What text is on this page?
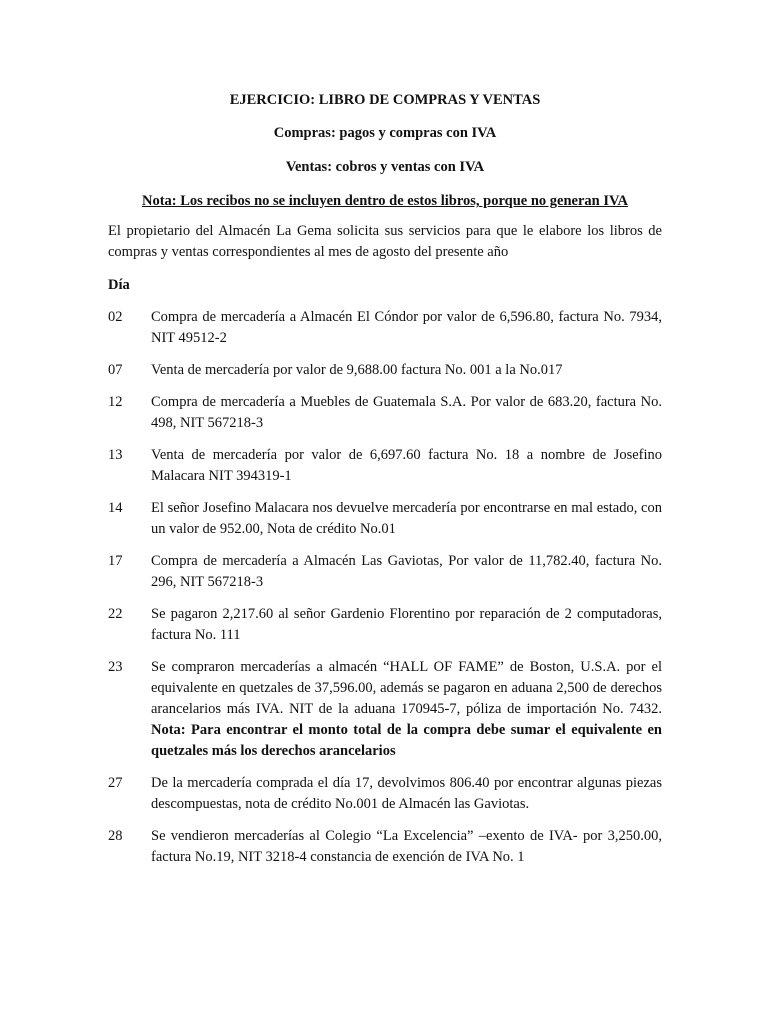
EJERCICIO: LIBRO DE COMPRAS Y VENTAS
Compras: pagos y compras con IVA
Ventas: cobros y ventas con IVA
Nota: Los recibos no se incluyen dentro de estos libros, porque no generan IVA

El propietario del Almacén La Gema solicita sus servicios para que le elabore los libros de compras y ventas correspondientes al mes de agosto del presente año

Día
02	Compra de mercadería a Almacén El Cóndor por valor de 6,596.80, factura No. 7934, NIT 49512-2
07	Venta de mercadería por valor de 9,688.00 factura No. 001 a la No.017
12	Compra de mercadería a Muebles de Guatemala S.A. Por valor de 683.20, factura No. 498, NIT 567218-3
13	Venta de mercadería por valor de 6,697.60 factura No. 18 a nombre de Josefino Malacara NIT 394319-1
14	El señor Josefino Malacara nos devuelve mercadería por encontrarse en mal estado, con un valor de 952.00, Nota de crédito No.01
17	Compra de mercadería a Almacén Las Gaviotas, Por valor de 11,782.40, factura No. 296, NIT 567218-3
22	Se pagaron 2,217.60 al señor Gardenio Florentino por reparación de 2 computadoras, factura No. 111
23	Se compraron mercaderías a almacén “HALL OF FAME” de Boston, U.S.A. por el equivalente en quetzales de 37,596.00, además se pagaron en aduana 2,500 de derechos arancelarios más IVA. NIT de la aduana 170945-7, póliza de importación No. 7432. Nota: Para encontrar el monto total de la compra debe sumar el equivalente en quetzales más los derechos arancelarios
27	De la mercadería comprada el día 17, devolvimos 806.40 por encontrar algunas piezas descompuestas, nota de crédito No.001 de Almacén las Gaviotas.
28	Se vendieron mercaderías al Colegio “La Excelencia” –exento de IVA- por 3,250.00, factura No.19, NIT 3218-4 constancia de exención de IVA No. 1
